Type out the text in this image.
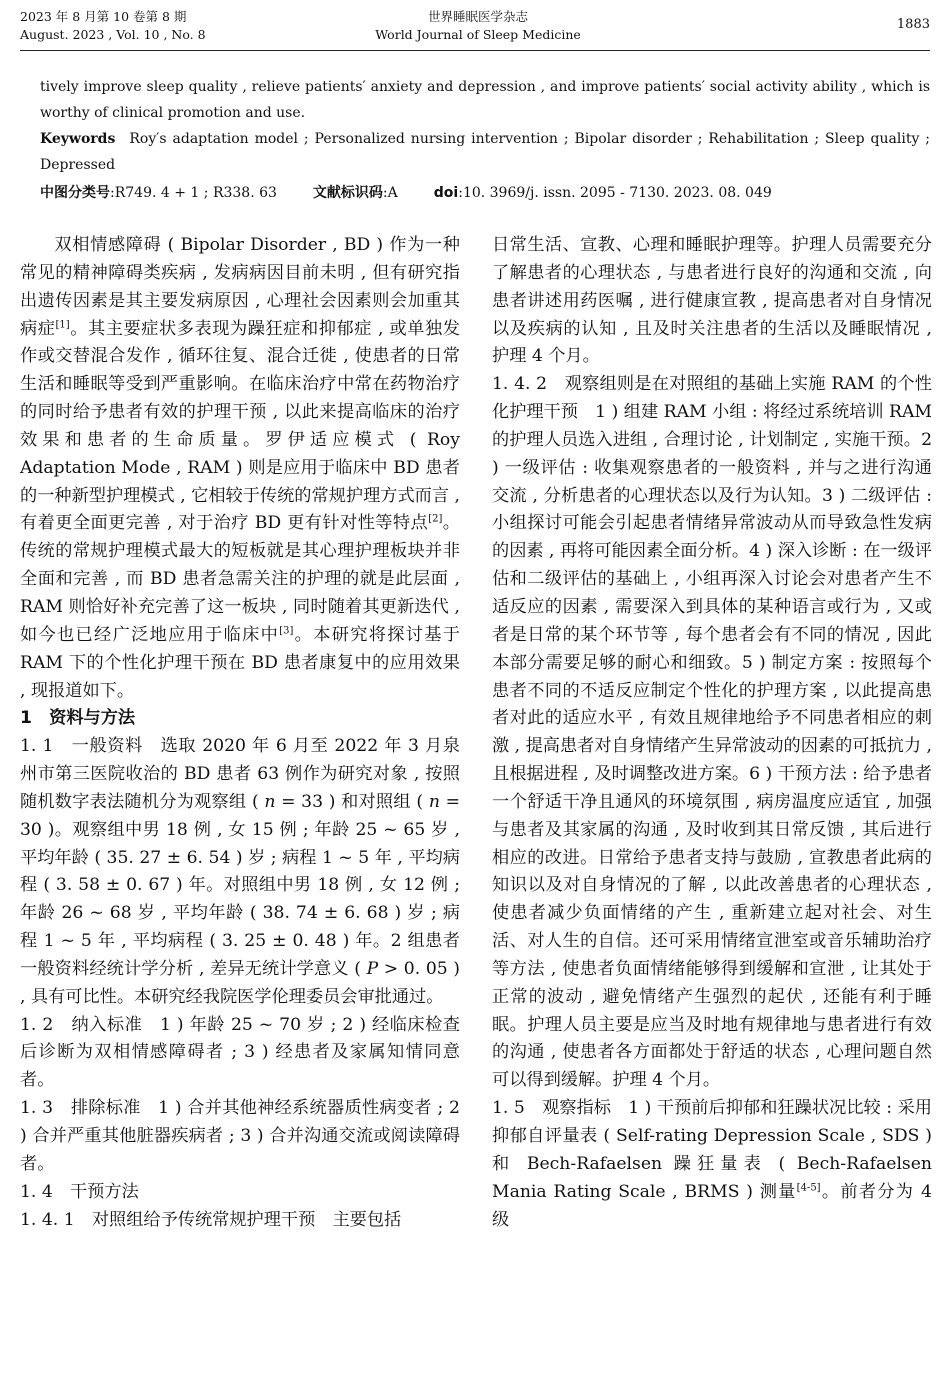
2023 年 8 月第 10 卷第 8 期
August. 2023 , Vol. 10 , No. 8
世界睡眠医学杂志
World Journal of Sleep Medicine
1883

tively improve sleep quality , relieve patients′ anxiety and depression , and improve patients′ social activity ability , which is worthy of clinical promotion and use.

Keywords Roy′s adaptation model ; Personalized nursing intervention ; Bipolar disorder ; Rehabilitation ; Sleep quality ; Depressed

中图分类号:R749. 4 + 1 ; R338. 63	文献标识码:A	doi:10. 3969/j. issn. 2095 - 7130. 2023. 08. 049

双相情感障碍 ( Bipolar Disorder , BD ) 作为一种常见的精神障碍类疾病 , 发病病因目前未明 , 但有研究指出遗传因素是其主要发病原因 , 心理社会因素则会加重其病症[1]。其主要症状多表现为躁狂症和抑郁症 , 或单独发作或交替混合发作 , 循环往复、混合迁徙 , 使患者的日常生活和睡眠等受到严重影响。在临床治疗中常在药物治疗的同时给予患者有效的护理干预 , 以此来提高临床的治疗效果和患者的生命质量。罗伊适应模式 ( Roy Adaptation Mode , RAM ) 则是应用于临床中 BD 患者的一种新型护理模式 , 它相较于传统的常规护理方式而言 , 有着更全面更完善 , 对于治疗 BD 更有针对性等特点[2]。传统的常规护理模式最大的短板就是其心理护理板块并非全面和完善 , 而 BD 患者急需关注的护理的就是此层面 , RAM 则恰好补充完善了这一板块 , 同时随着其更新迭代 , 如今也已经广泛地应用于临床中[3]。本研究将探讨基于 RAM 下的个性化护理干预在 BD 患者康复中的应用效果 , 现报道如下。

1　资料与方法

1. 1　一般资料　选取 2020 年 6 月至 2022 年 3 月泉州市第三医院收治的 BD 患者 63 例作为研究对象 , 按照随机数字表法随机分为观察组 ( n = 33 ) 和对照组 ( n = 30 )。观察组中男 18 例 , 女 15 例 ; 年龄 25 ~ 65 岁 , 平均年龄 ( 35. 27 ± 6. 54 ) 岁 ; 病程 1 ~ 5 年 , 平均病程 ( 3. 58 ± 0. 67 ) 年。对照组中男 18 例 , 女 12 例 ; 年龄 26 ~ 68 岁 , 平均年龄 ( 38. 74 ± 6. 68 ) 岁 ; 病程 1 ~ 5 年 , 平均病程 ( 3. 25 ± 0. 48 ) 年。2 组患者一般资料经统计学分析 , 差异无统计学意义 ( P > 0. 05 ) , 具有可比性。本研究经我院医学伦理委员会审批通过。

1. 2　纳入标准　1 ) 年龄 25 ~ 70 岁 ; 2 ) 经临床检查后诊断为双相情感障碍者 ; 3 ) 经患者及家属知情同意者。

1. 3　排除标准　1 ) 合并其他神经系统器质性病变者 ; 2 ) 合并严重其他脏器疾病者 ; 3 ) 合并沟通交流或阅读障碍者。

1. 4　干预方法

1. 4. 1　对照组给予传统常规护理干预　主要包括

日常生活、宣教、心理和睡眠护理等。护理人员需要充分了解患者的心理状态 , 与患者进行良好的沟通和交流 , 向患者讲述用药医嘱 , 进行健康宣教 , 提高患者对自身情况以及疾病的认知 , 且及时关注患者的生活以及睡眠情况 , 护理 4 个月。

1. 4. 2　观察组则是在对照组的基础上实施 RAM 的个性化护理干预　1 ) 组建 RAM 小组 : 将经过系统培训 RAM 的护理人员选入进组 , 合理讨论 , 计划制定 , 实施干预。2 ) 一级评估 : 收集观察患者的一般资料 , 并与之进行沟通交流 , 分析患者的心理状态以及行为认知。3 ) 二级评估 : 小组探讨可能会引起患者情绪异常波动从而导致急性发病的因素 , 再将可能因素全面分析。4 ) 深入诊断 : 在一级评估和二级评估的基础上 , 小组再深入讨论会对患者产生不适反应的因素 , 需要深入到具体的某种语言或行为 , 又或者是日常的某个环节等 , 每个患者会有不同的情况 , 因此本部分需要足够的耐心和细致。5 ) 制定方案 : 按照每个患者不同的不适反应制定个性化的护理方案 , 以此提高患者对此的适应水平 , 有效且规律地给予不同患者相应的刺激 , 提高患者对自身情绪产生异常波动的因素的可抵抗力 , 且根据进程 , 及时调整改进方案。6 ) 干预方法 : 给予患者一个舒适干净且通风的环境氛围 , 病房温度应适宜 , 加强与患者及其家属的沟通 , 及时收到其日常反馈 , 其后进行相应的改进。日常给予患者支持与鼓励 , 宣教患者此病的知识以及对自身情况的了解 , 以此改善患者的心理状态 , 使患者减少负面情绪的产生 , 重新建立起对社会、对生活、对人生的自信。还可采用情绪宣泄室或音乐辅助治疗等方法 , 使患者负面情绪能够得到缓解和宣泄 , 让其处于正常的波动 , 避免情绪产生强烈的起伏 , 还能有利于睡眠。护理人员主要是应当及时地有规律地与患者进行有效的沟通 , 使患者各方面都处于舒适的状态 , 心理问题自然可以得到缓解。护理 4 个月。

1. 5　观察指标　1 ) 干预前后抑郁和狂躁状况比较 : 采用抑郁自评量表 ( Self-rating Depression Scale , SDS ) 和 Bech-Rafaelsen 躁狂量表 ( Bech-Rafaelsen Mania Rating Scale , BRMS ) 测量[4-5]。前者分为 4 级
